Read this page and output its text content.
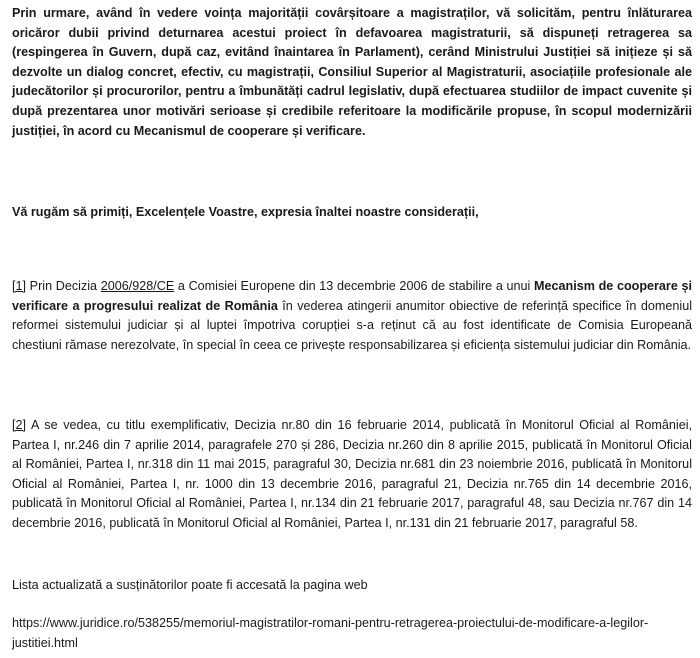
Prin urmare, având în vedere voința majorității covârșitoare a magistraților, vă solicităm, pentru înlăturarea oricăror dubii privind deturnarea acestui proiect în defavoarea magistraturii, să dispuneți retragerea sa (respingerea în Guvern, după caz, evitând înaintarea în Parlament), cerând Ministrului Justiției să inițieze și să dezvolte un dialog concret, efectiv, cu magistrații, Consiliul Superior al Magistraturii, asociațiile profesionale ale judecătorilor și procurorilor, pentru a îmbunătăți cadrul legislativ, după efectuarea studiilor de impact cuvenite și după prezentarea unor motivări serioase și credibile referitoare la modificările propuse, în scopul modernizării justiției, în acord cu Mecanismul de cooperare și verificare.

Vă rugăm să primiți, Excelențele Voastre, expresia înaltei noastre considerații,

[1] Prin Decizia 2006/928/CE a Comisiei Europene din 13 decembrie 2006 de stabilire a unui Mecanism de cooperare și verificare a progresului realizat de România în vederea atingerii anumitor obiective de referință specifice în domeniul reformei sistemului judiciar și al luptei împotriva corupției s-a reținut că au fost identificate de Comisia Europeană chestiuni rămase nerezolvate, în special în ceea ce privește responsabilizarea și eficiența sistemului judiciar din România.

[2] A se vedea, cu titlu exemplificativ, Decizia nr.80 din 16 februarie 2014, publicată în Monitorul Oficial al României, Partea I, nr.246 din 7 aprilie 2014, paragrafele 270 și 286, Decizia nr.260 din 8 aprilie 2015, publicată în Monitorul Oficial al României, Partea I, nr.318 din 11 mai 2015, paragraful 30, Decizia nr.681 din 23 noiembrie 2016, publicată în Monitorul Oficial al României, Partea I, nr. 1000 din 13 decembrie 2016, paragraful 21, Decizia nr.765 din 14 decembrie 2016, publicată în Monitorul Oficial al României, Partea I, nr.134 din 21 februarie 2017, paragraful 48, sau Decizia nr.767 din 14 decembrie 2016, publicată în Monitorul Oficial al României, Partea I, nr.131 din 21 februarie 2017, paragraful 58.

Lista actualizată a susținătorilor poate fi accesată la pagina web

https://www.juridice.ro/538255/memoriul-magistratilor-romani-pentru-retragerea-proiectului-de-modificare-a-legilor-justitiei.html
